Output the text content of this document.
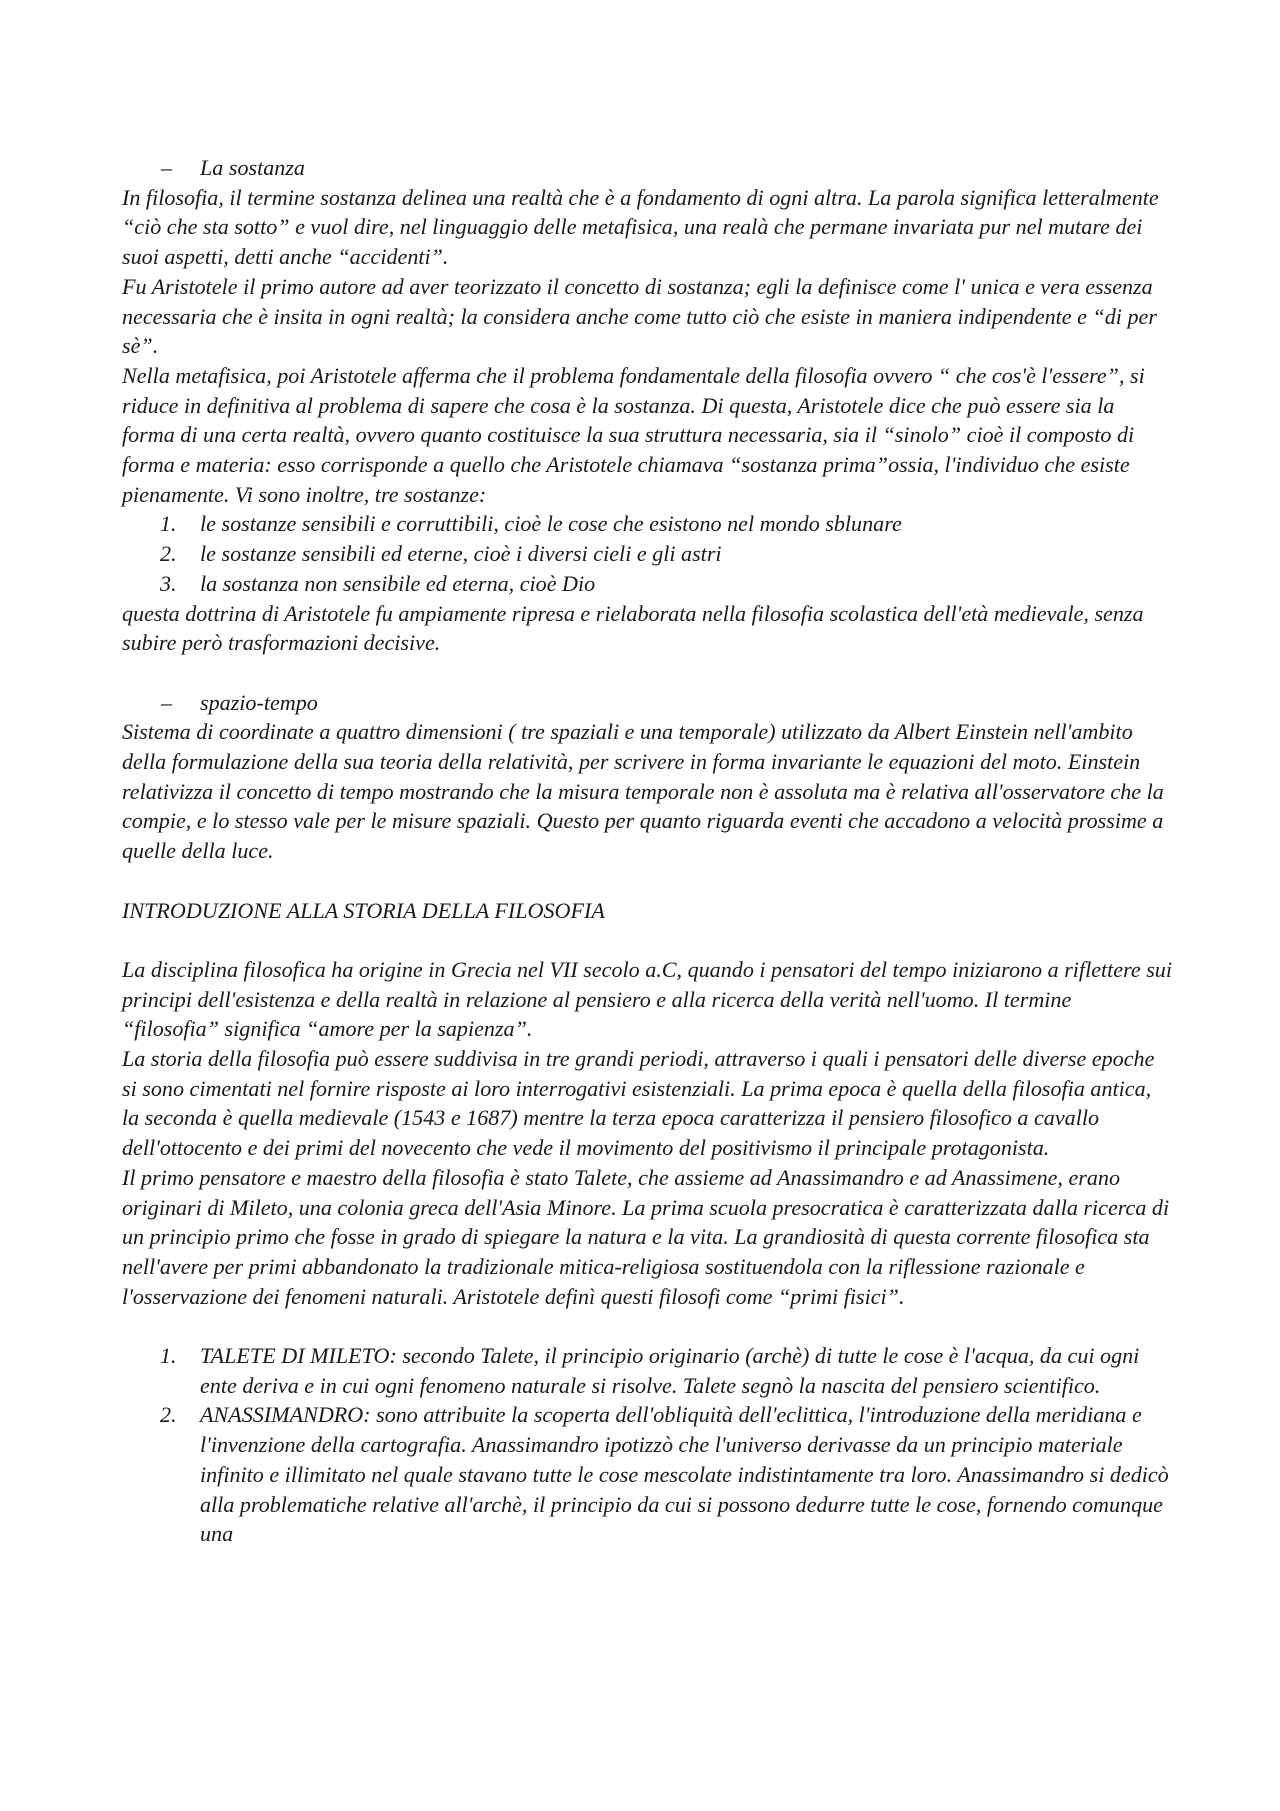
– La sostanza

In filosofia, il termine sostanza delinea una realtà che è a fondamento di ogni altra. La parola significa letteralmente “ciò che sta sotto” e vuol dire, nel linguaggio delle metafisica, una realà che permane invariata pur nel mutare dei suoi aspetti, detti anche “accidenti”.

Fu Aristotele il primo autore ad aver teorizzato il concetto di sostanza; egli la definisce come l' unica e vera essenza necessaria che è insita in ogni realtà; la considera anche come tutto ciò che esiste in maniera indipendente e “di per sè”.

Nella metafisica, poi Aristotele afferma che il problema fondamentale della filosofia ovvero “ che cos'è l'essere”, si riduce in definitiva al problema di sapere che cosa è la sostanza. Di questa, Aristotele dice che può essere sia la forma di una certa realtà, ovvero quanto costituisce la sua struttura necessaria, sia il “sinolo” cioè il composto di forma e materia: esso corrisponde a quello che Aristotele chiamava “sostanza prima”ossia, l'individuo che esiste pienamente. Vi sono inoltre, tre sostanze:

1. le sostanze sensibili e corruttibili, cioè le cose che esistono nel mondo sblunare
2. le sostanze sensibili ed eterne, cioè i diversi cieli e gli astri
3. la sostanza non sensibile ed eterna, cioè Dio

questa dottrina di Aristotele fu ampiamente ripresa e rielaborata nella filosofia scolastica dell'età medievale, senza subire però trasformazioni decisive.

– spazio-tempo

Sistema di coordinate a quattro dimensioni ( tre spaziali e una temporale) utilizzato da Albert Einstein nell'ambito della formulazione della sua teoria della relatività, per scrivere in forma invariante le equazioni del moto. Einstein relativizza il concetto di tempo mostrando che la misura temporale non è assoluta ma è relativa all'osservatore che la compie, e lo stesso vale per le misure spaziali. Questo per quanto riguarda eventi che accadono a velocità prossime a quelle della luce.

INTRODUZIONE ALLA STORIA DELLA FILOSOFIA

La disciplina filosofica ha origine in Grecia nel VII secolo a.C, quando i pensatori del tempo iniziarono a riflettere sui principi dell'esistenza e della realtà in relazione al pensiero e alla ricerca della verità nell'uomo. Il termine “filosofia” significa “amore per la sapienza”.

La storia della filosofia può essere suddivisa in tre grandi periodi, attraverso i quali i pensatori delle diverse epoche si sono cimentati nel fornire risposte ai loro interrogativi esistenziali. La prima epoca è quella della filosofia antica, la seconda è quella medievale (1543 e 1687) mentre la terza epoca caratterizza il pensiero filosofico a cavallo dell'ottocento e dei primi del novecento che vede il movimento del positivismo il principale protagonista.

Il primo pensatore e maestro della filosofia è stato Talete, che assieme ad Anassimandro e ad Anassimene, erano originari di Mileto, una colonia greca dell'Asia Minore. La prima scuola presocratica è caratterizzata dalla ricerca di un principio primo che fosse in grado di spiegare la natura e la vita. La grandiosità di questa corrente filosofica sta nell'avere per primi abbandonato la tradizionale mitica-religiosa sostituendola con la riflessione razionale e l'osservazione dei fenomeni naturali. Aristotele definì questi filosofi come “primi fisici”.

1. TALETE DI MILETO: secondo Talete, il principio originario (archè) di tutte le cose è l'acqua, da cui ogni ente deriva e in cui ogni fenomeno naturale si risolve. Talete segnò la nascita del pensiero scientifico.
2. ANASSIMANDRO: sono attribuite la scoperta dell'obliquità dell'eclittica, l'introduzione della meridiana e l'invenzione della cartografia. Anassimandro ipotizzò che l'universo derivasse da un principio materiale infinito e illimitato nel quale stavano tutte le cose mescolate indistintamente tra loro. Anassimandro si dedicò alla problematiche relative all'archè, il principio da cui si possono dedurre tutte le cose, fornendo comunque una
